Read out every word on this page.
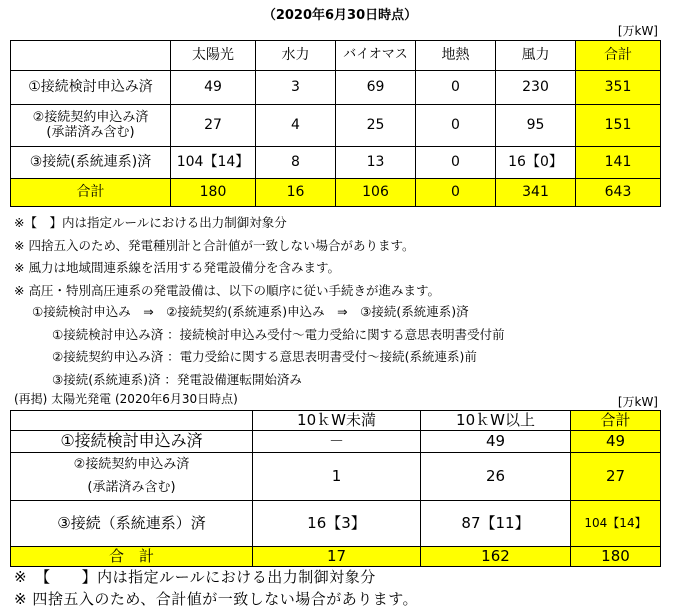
（2020年6月30日時点）
[万kW]
	太陽光	水力	バイオマス	地熱	風力	合計
①接続検討申込み済	49	3	69	0	230	351

②接続契約申込み済
(承諾済み含む)	27	4	25	0	95	151
③接続(系統連系)済	104【14】	8	13	0	16【0】	141
合計	180	16	106	0	341	643
※【　】内は指定ルールにおける出力制御対象分
※ 四捨五入のため、発電種別計と合計値が一致しない場合があります。
※ 風力は地域間連系線を活用する発電設備分を含みます。
※ 高圧・特別高圧連系の発電設備は、以下の順序に従い手続きが進みます。
①接続検討申込み　⇒　②接続契約(系統連系)申込み　⇒　③接続(系統連系)済
①接続検討申込み済 ：接続検討申込み受付～電力受給に関する意思表明書受付前
②接続契約申込み済 ：電力受給に関する意思表明書受付～接続(系統連系)前
③接続(系統連系)済 ：発電設備運転開始済み
(再掲) 太陽光発電 (2020年6月30日時点)	[万kW]
	10ｋW未満	10ｋW以上	合計
①接続検討申込み済	－	49	49

②接続契約申込み済
(承諾済み含む)	1	26	27
③接続（系統連系）済	16【3】	87【11】	104【14】
合　計	17	162	180
※　【　　】内は指定ルールにおける出力制御対象分
※ 四捨五入のため、合計値が一致しない場合があります。
